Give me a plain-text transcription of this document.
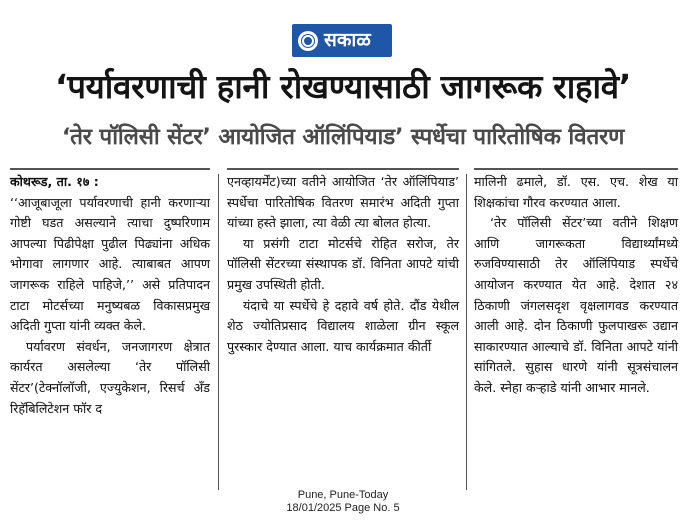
सकाळ
‘पर्यावरणाची हानी रोखण्यासाठी जागरूक राहावे’
‘तेर पॉलिसी सेंटर’ आयोजित ऑलिंपियाड’ स्पर्धेचा पारितोषिक वितरण

कोथरूड, ता. १७ :
‘‘आजूबाजूला पर्यावरणाची हानी करणाऱ्या गोष्टी घडत असल्याने त्याचा दुष्परिणाम आपल्या पिढीपेक्षा पुढील पिढ्यांना अधिक भोगावा लागणार आहे. त्याबाबत आपण जागरूक राहिले पाहिजे,’’ असे प्रतिपादन टाटा मोटर्सच्या मनुष्यबळ विकासप्रमुख अदिती गुप्ता यांनी व्यक्त केले.

पर्यावरण संवर्धन, जनजागरण क्षेत्रात कार्यरत असलेल्या ‘तेर पॉलिसी सेंटर’(टेक्नॉलॉजी, एज्युकेशन, रिसर्च अँड रिहॅबिलिटेशन फॉर द

एनव्हायर्मेंट)च्या वतीने आयोजित ‘तेर ऑलिंपियाड’ स्पर्धेचा पारितोषिक वितरण समारंभ अदिती गुप्ता यांच्या हस्ते झाला, त्या वेळी त्या बोलत होत्या.

या प्रसंगी टाटा मोटर्सचे रोहित सरोज, तेर पॉलिसी सेंटरच्या संस्थापक डॉ. विनिता आपटे यांची प्रमुख उपस्थिती होती.

यंदाचे या स्पर्धेचे हे दहावे वर्ष होते. दौंड येथील शेठ ज्योतिप्रसाद विद्यालय शाळेला ग्रीन स्कूल पुरस्कार देण्यात आला. याच कार्यक्रमात कीर्ती

मालिनी ढमाले, डॉ. एस. एच. शेख या शिक्षकांचा गौरव करण्यात आला.

‘तेर पॉलिसी सेंटर’च्या वतीने शिक्षण आणि जागरूकता विद्यार्थ्यांमध्ये रुजविण्यासाठी तेर ऑलिंपियाड स्पर्धेचे आयोजन करण्यात येत आहे. देशात २४ ठिकाणी जंगलसदृश वृक्षलागवड करण्यात आली आहे. दोन ठिकाणी फुलपाखरू उद्यान साकारण्यात आल्याचे डॉ. विनिता आपटे यांनी सांगितले. सुहास धारणे यांनी सूत्रसंचालन केले. स्नेहा कऱ्हाडे यांनी आभार मानले.

Pune, Pune-Today
18/01/2025 Page No. 5
